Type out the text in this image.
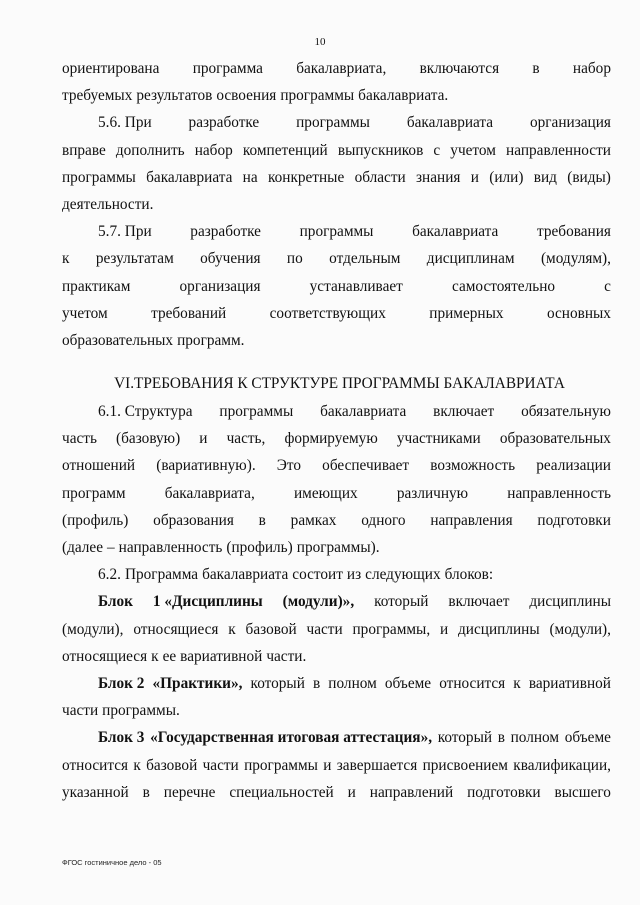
10
ориентирована программа бакалавриата, включаются в набор
требуемых результатов освоения программы бакалавриата.
5.6. При разработке программы бакалавриата организация
вправе дополнить набор компетенций выпускников с учетом направленности
программы бакалавриата на конкретные области знания и (или) вид (виды)
деятельности.
5.7. При	разработке	программы	бакалавриата	требования
к результатам обучения по отдельным дисциплинам (модулям),
практикам	организация	устанавливает	самостоятельно	с
учетом	требований	соответствующих	примерных	основных
образовательных программ.
VI.ТРЕБОВАНИЯ К СТРУКТУРЕ ПРОГРАММЫ БАКАЛАВРИАТА
6.1. Структура программы бакалавриата включает обязательную
часть (базовую) и часть, формируемую участниками образовательных
отношений (вариативную). Это обеспечивает возможность реализации
программ	бакалавриата,	имеющих	различную	направленность
(профиль) образования в рамках одного направления подготовки
(далее – направленность (профиль) программы).
6.2. Программа бакалавриата состоит из следующих блоков:
Блок 1 «Дисциплины (модули)», который включает дисциплины
(модули), относящиеся к базовой части программы, и дисциплины (модули),
относящиеся к ее вариативной части.
Блок 2 «Практики», который в полном объеме относится к вариативной
части программы.
Блок 3 «Государственная итоговая аттестация», который в полном объеме
относится к базовой части программы и завершается присвоением квалификации,
указанной в перечне специальностей и направлений подготовки высшего
ФГОС гостиничное дело - 05
